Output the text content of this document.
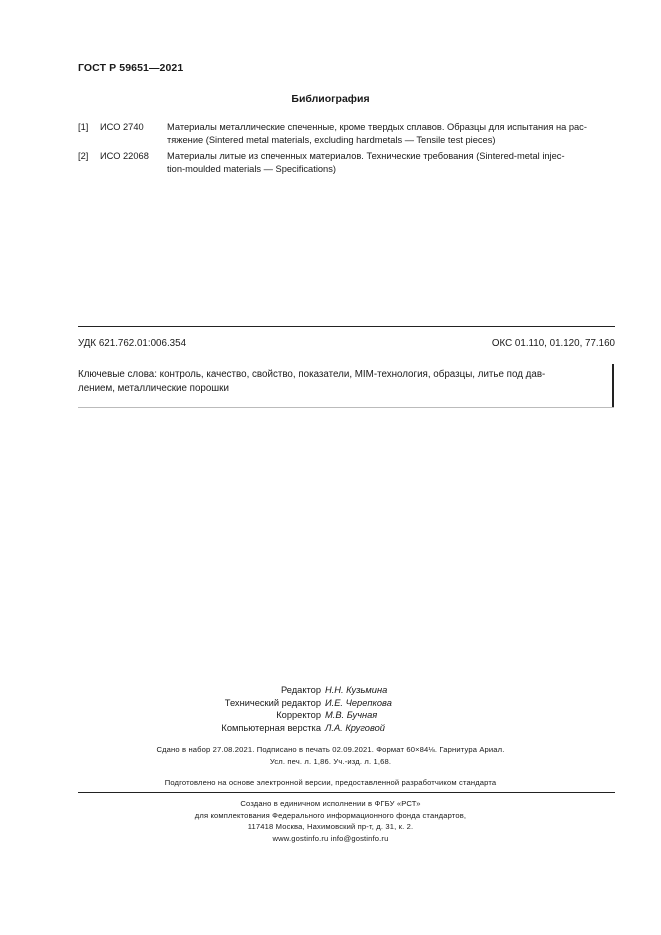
ГОСТ Р 59651—2021
Библиография
[1] ИСО 2740	Материалы металлические спеченные, кроме твердых сплавов. Образцы для испытания на рас-
тяжение (Sintered metal materials, excluding hardmetals — Tensile test pieces)
[2] ИСО 22068 Материалы литые из спеченных материалов. Технические требования (Sintered-metal injec-
tion-moulded materials — Specifications)
УДК 621.762.01:006.354	ОКС 01.110, 01.120, 77.160
Ключевые слова: контроль, качество, свойство, показатели, MIM-технология, образцы, литье под дав-
лением, металлические порошки
Редактор Н.Н. Кузьмина
Технический редактор И.Е. Черепкова
Корректор М.В. Бучная
Компьютерная верстка Л.А. Круговой
Сдано в набор 27.08.2021. Подписано в печать 02.09.2021. Формат 60×84⅛. Гарнитура Ариал.
Усл. печ. л. 1,86. Уч.-изд. л. 1,68.
Подготовлено на основе электронной версии, предоставленной разработчиком стандарта
Создано в единичном исполнении в ФГБУ «РСТ»
для комплектования Федерального информационного фонда стандартов,
117418 Москва, Нахимовский пр-т, д. 31, к. 2.
www.gostinfo.ru info@gostinfo.ru
